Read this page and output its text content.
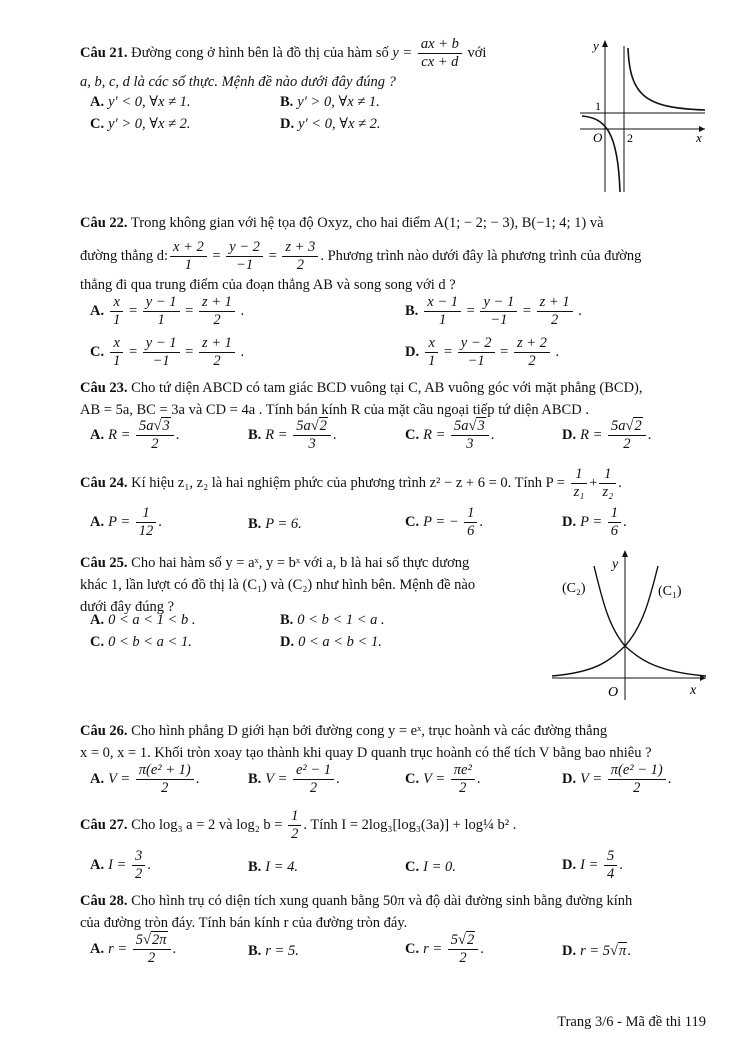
Câu 21. Đường cong ở hình bên là đồ thị của hàm số $y = \frac{ax + b}{cx + d}$ với
a, b, c, d là các số thực. Mệnh đề nào dưới đây đúng ?
A. y′ < 0, ∀x ≠ 1.	B. y′ > 0, ∀x ≠ 1.
C. y′ > 0, ∀x ≠ 2.	D. y′ < 0, ∀x ≠ 2.
y
x
O 2
1
Câu 22. Trong không gian với hệ tọa độ Oxyz, cho hai điểm A(1; − 2; − 3), B(−1; 4; 1) và
đường thẳng d: $\frac{x + 2}{1} = \frac{y - 2}{-1} = \frac{z + 3}{2}$ . Phương trình nào dưới đây là phương trình của đường
thẳng đi qua trung điểm của đoạn thẳng AB và song song với d ?
A. $\frac{x}{1} = \frac{y - 1}{1} = \frac{z + 1}{2}$ .	B. $\frac{x - 1}{1} = \frac{y - 1}{-1} = \frac{z + 1}{2}$ .
C. $\frac{x}{1} = \frac{y - 1}{-1} = \frac{z + 1}{2}$ .	D. $\frac{x}{1} = \frac{y - 2}{-1} = \frac{z + 2}{2}$ .
Câu 23. Cho tứ diện ABCD có tam giác BCD vuông tại C, AB vuông góc với mặt phẳng (BCD),
AB = 5a, BC = 3a và CD = 4a . Tính bán kính R của mặt cầu ngoại tiếp tứ diện ABCD .
A. $R = \frac{5a√3}{2}$ .	B. $R = \frac{5a√2}{3}$ .	C. $R = \frac{5a√3}{3}$ .	D. $R = \frac{5a√2}{2}$ .
Câu 24. Kí hiệu z₁, z₂ là hai nghiệm phức của phương trình z² − z + 6 = 0. Tính $P = \frac{1}{\text{z₁}} + \frac{1}{\text{z₂}}$ .
A. $P = \frac{1}{12}$ .	B. P = 6.	C. P = − $\frac{1}{6}$ .	D. $P = \frac{1}{6}$ .
Câu 25. Cho hai hàm số y = aˣ, y = bˣ với a, b là hai số thực dương
khác 1, lần lượt có đồ thị là (C₁) và (C₂) như hình bên. Mệnh đề nào
dưới đây đúng ?
A. 0 < a < 1 < b .	B. 0 < b < 1 < a .
C. 0 < b < a < 1.	D. 0 < a < b < 1.
y
x
O
(C₂)	(C₁)
Câu 26. Cho hình phẳng D giới hạn bởi đường cong y = eˣ, trục hoành và các đường thẳng
x = 0, x = 1. Khối tròn xoay tạo thành khi quay D quanh trục hoành có thể tích V bằng bao nhiêu ?
A. $V = \frac{\text{π(e² + 1)}}{2}$ .	B. $V = \frac{\text{e² − 1}}{2}$ .	C. $V = \frac{\text{πe²}}{2}$ .	D. $V = \frac{\text{π(e² − 1)}}{2}$ .
Câu 27. Cho log₃ a = 2 và log₂ $b = \frac{1}{2}$ . Tính I = 2log₃[log₃(3a)] + log¼ b² .
A. $I = \frac{3}{2}$ .	B. I = 4.	C. I = 0.	D. $I = \frac{5}{4}$ .
Câu 28. Cho hình trụ có diện tích xung quanh bằng 50π và độ dài đường sinh bằng đường kính
của đường tròn đáy. Tính bán kính r của đường tròn đáy.
A. $r = \frac{5√2\pi}{2}$ .	B. r = 5.	C. $r = \frac{5√2}{2}$ .	D. r = 5√π.
Trang 3/6 - Mã đề thi 119
